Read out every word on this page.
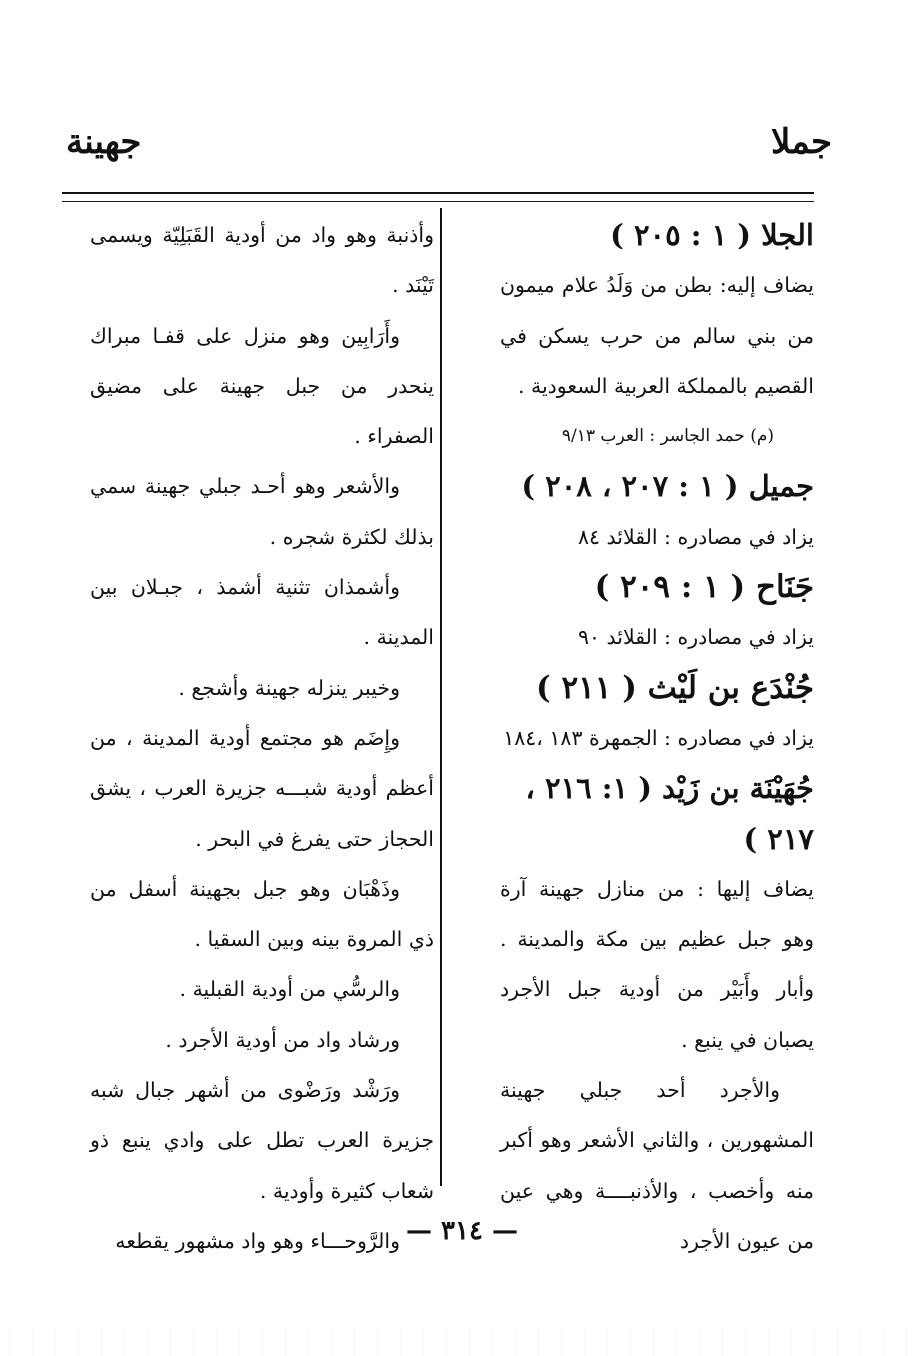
جملا
جهينة

الجلا ( ١ : ٢٠٥ )

يضاف إليه: بطن من وَلَدُ علام ميمون من بني سالم من حرب يسكن في القصيم بالمملكة العربية السعودية .

(م) حمد الجاسر : العرب ٩/١٣

جميل ( ١ : ٢٠٧ ، ٢٠٨ )

يزاد في مصادره : القلائد ٨٤

جَنَاح ( ١ : ٢٠٩ )

يزاد في مصادره : القلائد ٩٠

جُنْدَع بن لَيْث ( ٢١١ )

يزاد في مصادره : الجمهرة ١٨٣ ،١٨٤

جُهَيْنَة بن زَيْد ( ١: ٢١٦ ، ٢١٧ )

يضاف إليها : من منازل جهينة آرة وهو جبل عظيم بين مكة والمدينة . وأبار وأَبَيْر من أودية جبل الأجرد يصبان في ينبع .

والأجرد أحد جبلي جهينة المشهورين ، والثاني الأشعر وهو أكبر منه وأخصب ، والأذنبــــة وهي عين من عيون الأجرد

وأذنبة وهو واد من أودية القَبَلِيّة ويسمى تَيْنَد .

وأَرَابِين وهو منزل على قفـا مبراك ينحدر من جبل جهينة على مضيق الصفراء .

والأشعر وهو أحـد جبلي جهينة سمي بذلك لكثرة شجره .

وأشمذان تثنية أشمذ ، جبـلان بين المدينة .

وخيبر ينزله جهينة وأشجع .

وإِضَم هو مجتمع أودية المدينة ، من أعظم أودية شبـــه جزيرة العرب ، يشق الحجاز حتى يفرغ في البحر .

وذَهْبَان وهو جبل بجهينة أسفل من ذي المروة بينه وبين السقيا .

والرسُّي من أودية القبلية .

ورشاد واد من أودية الأجرد .

ورَشْد ورَضْوى من أشهر جبال شبه جزيرة العرب تطل على وادي ينبع ذو شعاب كثيرة وأودية .

والرَّوحـــاء وهو واد مشهور يقطعه — ٣١٤ —
